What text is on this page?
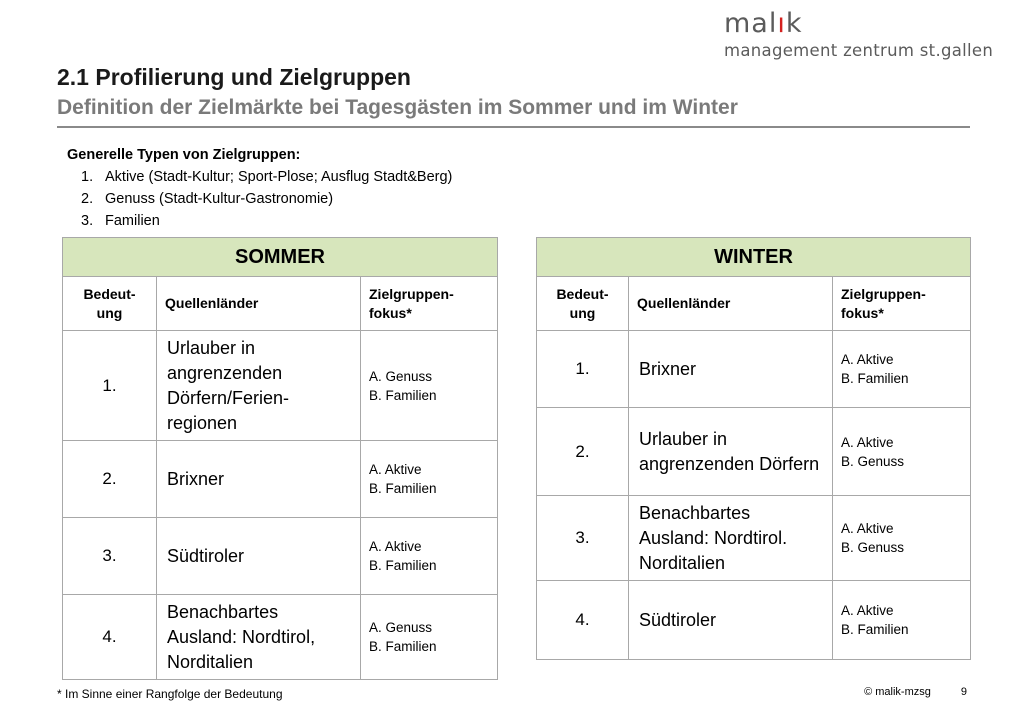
malık
management zentrum st.gallen
2.1 Profilierung und Zielgruppen
Definition der Zielmärkte bei Tagesgästen im Sommer und im Winter
Generelle Typen von Zielgruppen:
1. Aktive (Stadt-Kultur; Sport-Plose; Ausflug Stadt&Berg)
2. Genuss (Stadt-Kultur-Gastronomie)
3. Familien
SOMMER		
Bedeut-ung	Quellenländer	Zielgruppen-fokus*
1.	Urlauber in angrenzenden Dörfern/Ferien-regionen	A. Genuss
B. Familien

2.	Brixner	A. Aktive
B. Familien

3.	Südtiroler	A. Aktive
B. Familien

4.	Benachbartes Ausland: Nordtirol, Norditalien	A. Genuss
B. Familien
WINTER		
Bedeut-ung	Quellenländer	Zielgruppen-fokus*
1.	Brixner	A. Aktive
B. Familien

2.	Urlauber in angrenzenden Dörfern	A. Aktive
B. Genuss

3.	Benachbartes Ausland: Nordtirol. Norditalien	A. Aktive
B. Genuss

4.	Südtiroler	A. Aktive
B. Familien
* Im Sinne einer Rangfolge der Bedeutung	© malik-mzsg	9
